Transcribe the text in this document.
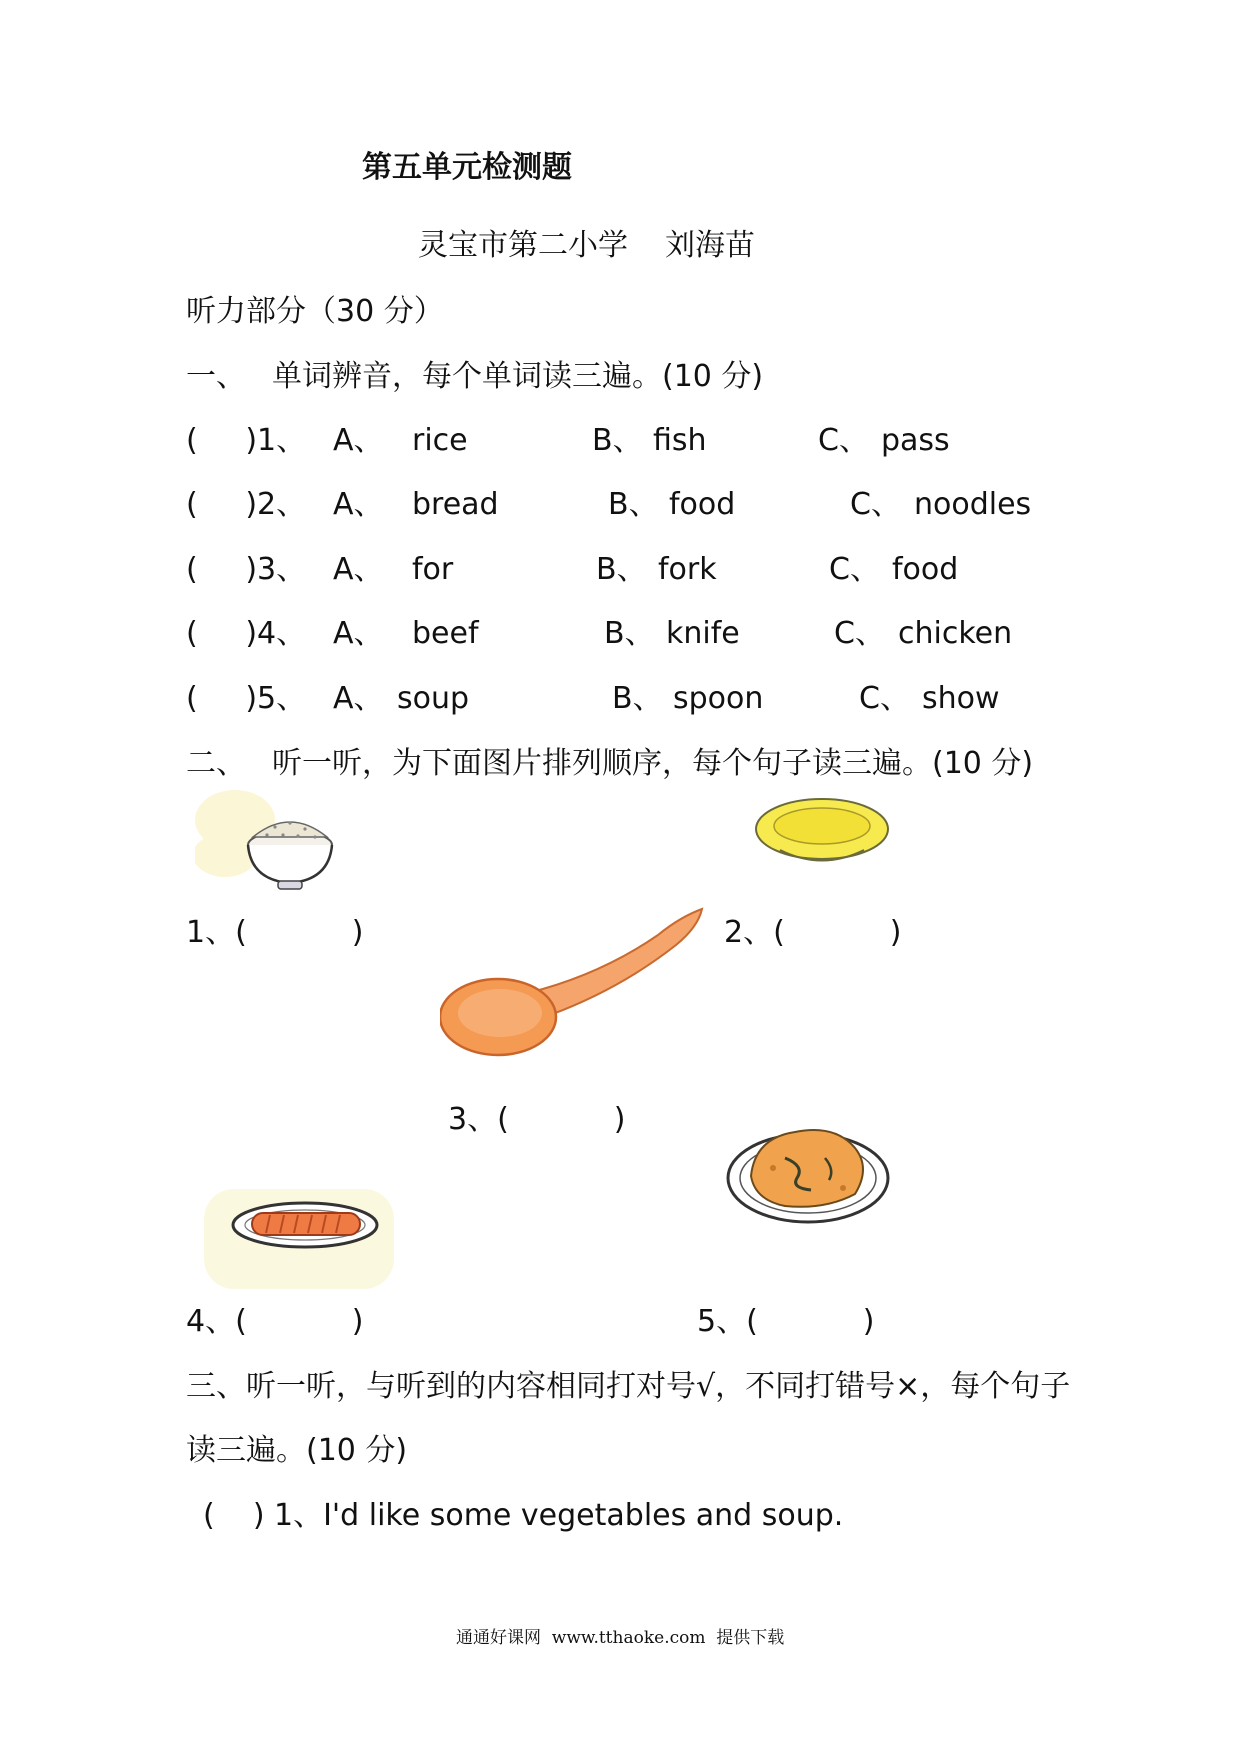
第五单元检测题
灵宝市第二小学 刘海苗
听力部分（30 分）
一、 单词辨音，每个单词读三遍。(10 分)
(     ) 1、 A、 rice	B、 fish	C、 pass
(     ) 2、 A、 bread	B、 food	C、 noodles
(     ) 3、 A、 for	B、 fork	C、 food
(     ) 4、 A、 beef	B、 knife	C、 chicken
(     ) 5、 A、 soup	B、 spoon	C、 show
二、 听一听，为下面图片排列顺序，每个句子读三遍。(10 分)
1、(           )	2、(           )
3、(           )
4、(           )	5、(           )
三、听一听，与听到的内容相同打对号√，不同打错号×，每个句子
读三遍。(10 分)
(    ) 1、I'd like some vegetables and soup.
通通好课网  www.tthaoke.com  提供下载
